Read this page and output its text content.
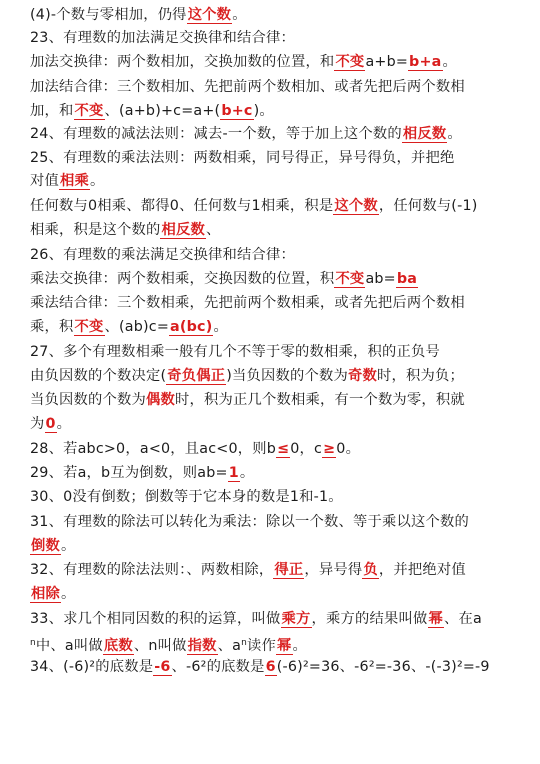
(4)-个数与零相加，仍得这个数。
23、有理数的加法满足交换律和结合律：
加法交换律：两个数相加，交换加数的位置，和不变a+b=b+a。
加法结合律：三个数相加、先把前两个数相加、或者先把后两个数相
加，和不变、(a+b)+c=a+(b+c)。
24、有理数的减法法则：减去-一个数，等于加上这个数的相反数。
25、有理数的乘法法则：两数相乘，同号得正，异号得负，并把绝
对值相乘。
任何数与0相乘、都得0、任何数与1相乘，积是这个数，任何数与(-1)
相乘，积是这个数的相反数、
26、有理数的乘法满足交换律和结合律：
乘法交换律：两个数相乘，交换因数的位置，积不变ab=ba
乘法结合律：三个数相乘，先把前两个数相乘，或者先把后两个数相
乘，积不变、(ab)c=a(bc)。
27、多个有理数相乘一般有几个不等于零的数相乘，积的正负号
由负因数的个数决定(奇负偶正)当负因数的个数为奇数时，积为负；
当负因数的个数为偶数时，积为正几个数相乘，有一个数为零，积就
为0。
28、若abc>0，a<0，且ac<0，则b≤0，c≥0。
29、若a，b互为倒数，则ab=1。
30、0没有倒数；倒数等于它本身的数是1和-1。
31、有理数的除法可以转化为乘法：除以一个数、等于乘以这个数的
倒数。
32、有理数的除法法则：、两数相除，得正，异号得负，并把绝对值
相除。
33、求几个相同因数的积的运算，叫做乘方，乘方的结果叫做幂、在a
$^n$中、a叫做底数、n叫做指数、$a^n$读作幂。
34、(-6)²的底数是-6、-6²的底数是6(-6)²=36、-6²=-36、-(-3)²=-9
